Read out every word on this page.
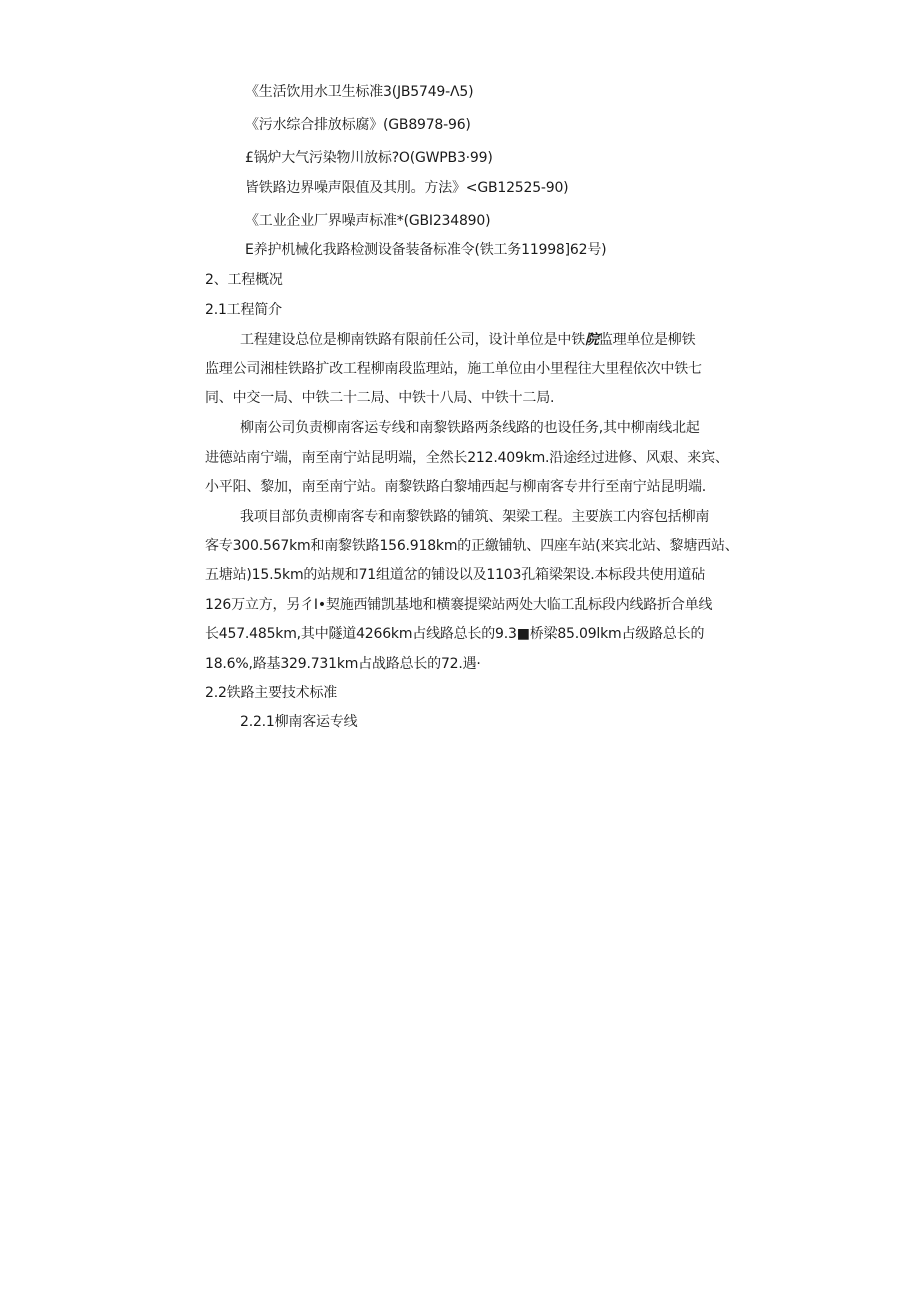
《生活饮用水卫生标准3(JB5749-Λ5)
《污水综合排放标腐》(GB8978-96)
£锅炉大气污染物川放标?O(GWPB3·99)
皆铁路边界噪声限值及其刖。方法》<GB12525-90)
《工业企业厂界噪声标准*(GBI234890)
E养护机械化我路检测设备装备标准令(铁工务11998]62号)
2、工程概况
2.1工程简介
工程建设总位是柳南铁路有限前任公司，设计单位是中铁院监理单位是柳铁
监理公司湘桂铁路扩改工程柳南段监理站，施工单位由小里程往大里程依次中铁七
同、中交一局、中铁二十二局、中铁十八局、中铁十二局.
柳南公司负责柳南客运专线和南黎铁路两条线路的也设任务,其中柳南线北起
进德站南宁端，南至南宁站昆明端，全然长212.409km.沿途经过进修、风艰、来宾、
小平阳、黎加，南至南宁站。南黎铁路白黎埔西起与柳南客专井行至南宁站昆明端.
我项目部负责柳南客专和南黎铁路的铺筑、架梁工程。主要族工内容包括柳南
客专300.567km和南黎铁路156.918km的正繳铺轨、四座车站(来宾北站、黎塘西站、
五塘站)15.5km的站规和71组道岔的铺设以及1103孔箱梁架设.本标段共使用道砧
126万立方，另彳I•契施西铺凯基地和横褰提梁站两处大临工乱标段内线路折合单线
长457.485km,其中隧道4266km占线路总长的9.3■桥梁85.09lkm占级路总长的
18.6%,路基329.731km占战路总长的72.遇·
2.2铁路主要技术标准
2.2.1柳南客运专线
